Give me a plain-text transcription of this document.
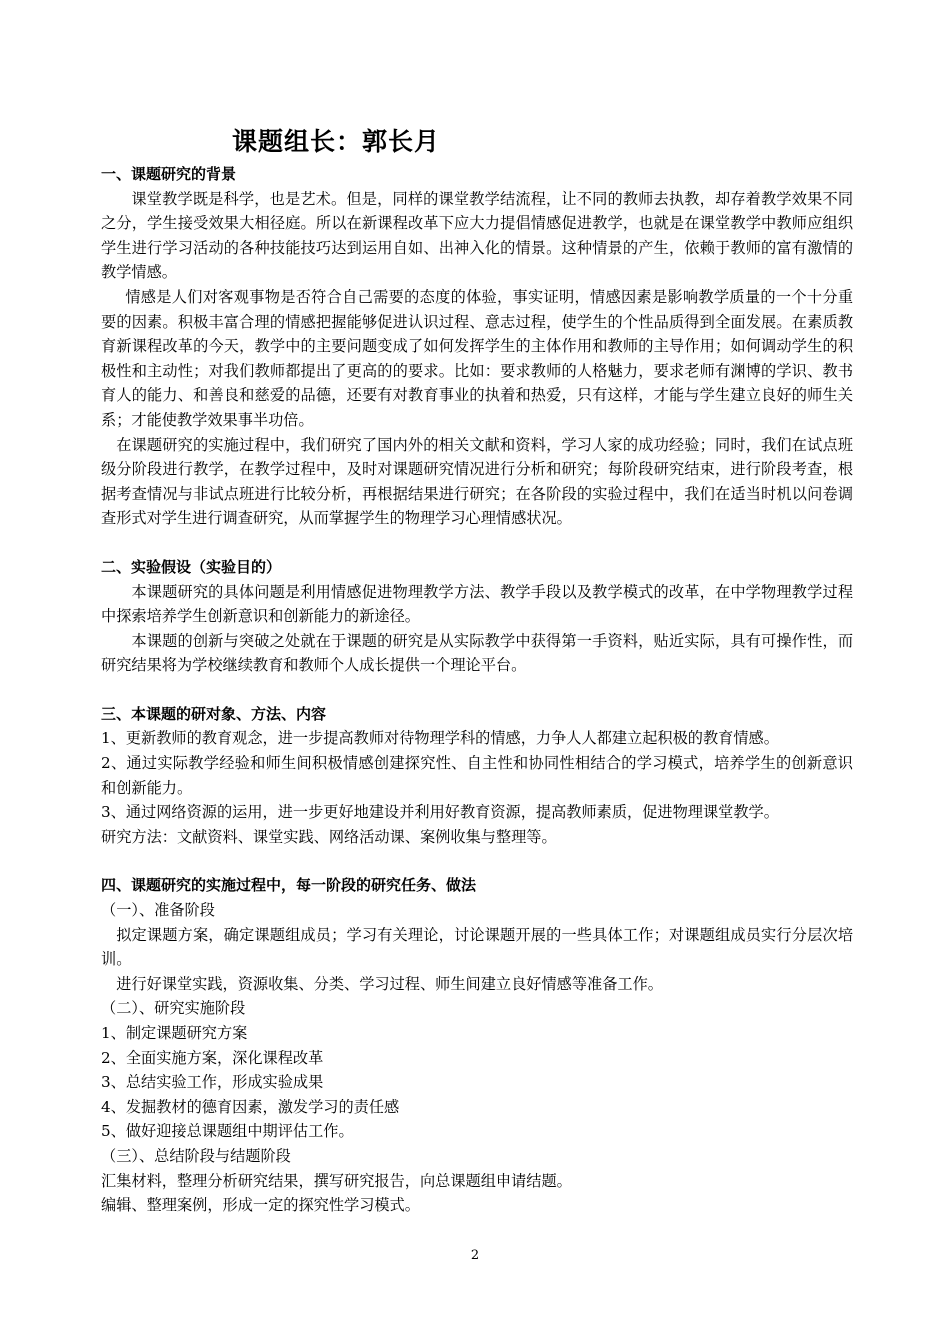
课题组长：郭长月

一、课题研究的背景

课堂教学既是科学，也是艺术。但是，同样的课堂教学结流程，让不同的教师去执教，却存着教学效果不同之分，学生接受效果大相径庭。所以在新课程改革下应大力提倡情感促进教学，也就是在课堂教学中教师应组织学生进行学习活动的各种技能技巧达到运用自如、出神入化的情景。这种情景的产生，依赖于教师的富有激情的教学情感。

情感是人们对客观事物是否符合自己需要的态度的体验，事实证明，情感因素是影响教学质量的一个十分重要的因素。积极丰富合理的情感把握能够促进认识过程、意志过程，使学生的个性品质得到全面发展。在素质教育新课程改革的今天，教学中的主要问题变成了如何发挥学生的主体作用和教师的主导作用；如何调动学生的积极性和主动性；对我们教师都提出了更高的的要求。比如：要求教师的人格魅力，要求老师有渊博的学识、教书育人的能力、和善良和慈爱的品德，还要有对教育事业的执着和热爱，只有这样，才能与学生建立良好的师生关系；才能使教学效果事半功倍。

在课题研究的实施过程中，我们研究了国内外的相关文献和资料，学习人家的成功经验；同时，我们在试点班级分阶段进行教学，在教学过程中，及时对课题研究情况进行分析和研究；每阶段研究结束，进行阶段考查，根据考查情况与非试点班进行比较分析，再根据结果进行研究；在各阶段的实验过程中，我们在适当时机以问卷调查形式对学生进行调查研究，从而掌握学生的物理学习心理情感状况。

二、实验假设（实验目的）

本课题研究的具体问题是利用情感促进物理教学方法、教学手段以及教学模式的改革，在中学物理教学过程中探索培养学生创新意识和创新能力的新途径。

本课题的创新与突破之处就在于课题的研究是从实际教学中获得第一手资料，贴近实际，具有可操作性，而研究结果将为学校继续教育和教师个人成长提供一个理论平台。

三、本课题的研对象、方法、内容

1、更新教师的教育观念，进一步提高教师对待物理学科的情感，力争人人都建立起积极的教育情感。

2、通过实际教学经验和师生间积极情感创建探究性、自主性和协同性相结合的学习模式，培养学生的创新意识和创新能力。

3、通过网络资源的运用，进一步更好地建设并利用好教育资源，提高教师素质，促进物理课堂教学。

研究方法：文献资料、课堂实践、网络活动课、案例收集与整理等。

四、课题研究的实施过程中，每一阶段的研究任务、做法

（一）、准备阶段

拟定课题方案，确定课题组成员；学习有关理论，讨论课题开展的一些具体工作；对课题组成员实行分层次培训。

进行好课堂实践，资源收集、分类、学习过程、师生间建立良好情感等准备工作。

（二）、研究实施阶段

1、制定课题研究方案

2、全面实施方案，深化课程改革

3、总结实验工作，形成实验成果

4、发掘教材的德育因素，激发学习的责任感

5、做好迎接总课题组中期评估工作。

（三）、总结阶段与结题阶段

汇集材料，整理分析研究结果，撰写研究报告，向总课题组申请结题。

编辑、整理案例，形成一定的探究性学习模式。

2
